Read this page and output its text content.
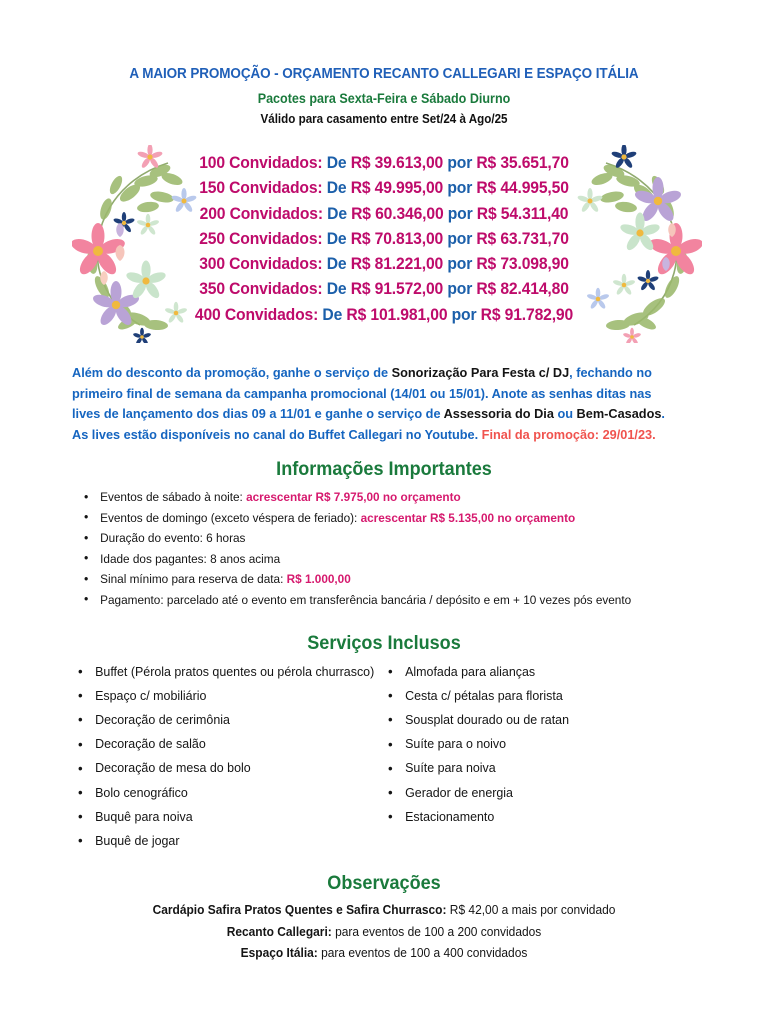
A MAIOR PROMOÇÃO - ORÇAMENTO RECANTO CALLEGARI E ESPAÇO ITÁLIA
Pacotes para Sexta-Feira e Sábado Diurno
Válido para casamento entre Set/24 à Ago/25
100 Convidados: De R$ 39.613,00 por R$ 35.651,70
150 Convidados: De R$ 49.995,00 por R$ 44.995,50
200 Convidados: De R$ 60.346,00 por R$ 54.311,40
250 Convidados: De R$ 70.813,00 por R$ 63.731,70
300 Convidados: De R$ 81.221,00 por R$ 73.098,90
350 Convidados: De R$ 91.572,00 por R$ 82.414,80
400 Convidados: De R$ 101.981,00 por R$ 91.782,90
Além do desconto da promoção, ganhe o serviço de Sonorização Para Festa c/ DJ, fechando no primeiro final de semana da campanha promocional (14/01 ou 15/01). Anote as senhas ditas nas lives de lançamento dos dias 09 a 11/01 e ganhe o serviço de Assessoria do Dia ou Bem-Casados. As lives estão disponíveis no canal do Buffet Callegari no Youtube. Final da promoção: 29/01/23.
Informações Importantes
• Eventos de sábado à noite: acrescentar R$ 7.975,00 no orçamento
• Eventos de domingo (exceto véspera de feriado): acrescentar R$ 5.135,00 no orçamento
• Duração do evento: 6 horas
• Idade dos pagantes: 8 anos acima
• Sinal mínimo para reserva de data: R$ 1.000,00
• Pagamento: parcelado até o evento em transferência bancária / depósito e em + 10 vezes pós evento
Serviços Inclusos
• Buffet (Pérola pratos quentes ou pérola churrasco)
• Espaço c/ mobiliário
• Decoração de cerimônia
• Decoração de salão
• Decoração de mesa do bolo
• Bolo cenográfico
• Buquê para noiva
• Buquê de jogar
• Almofada para alianças
• Cesta c/ pétalas para florista
• Sousplat dourado ou de ratan
• Suíte para o noivo
• Suíte para noiva
• Gerador de energia
• Estacionamento
Observações
Cardápio Safira Pratos Quentes e Safira Churrasco: R$ 42,00 a mais por convidado
Recanto Callegari: para eventos de 100 a 200 convidados
Espaço Itália: para eventos de 100 a 400 convidados
